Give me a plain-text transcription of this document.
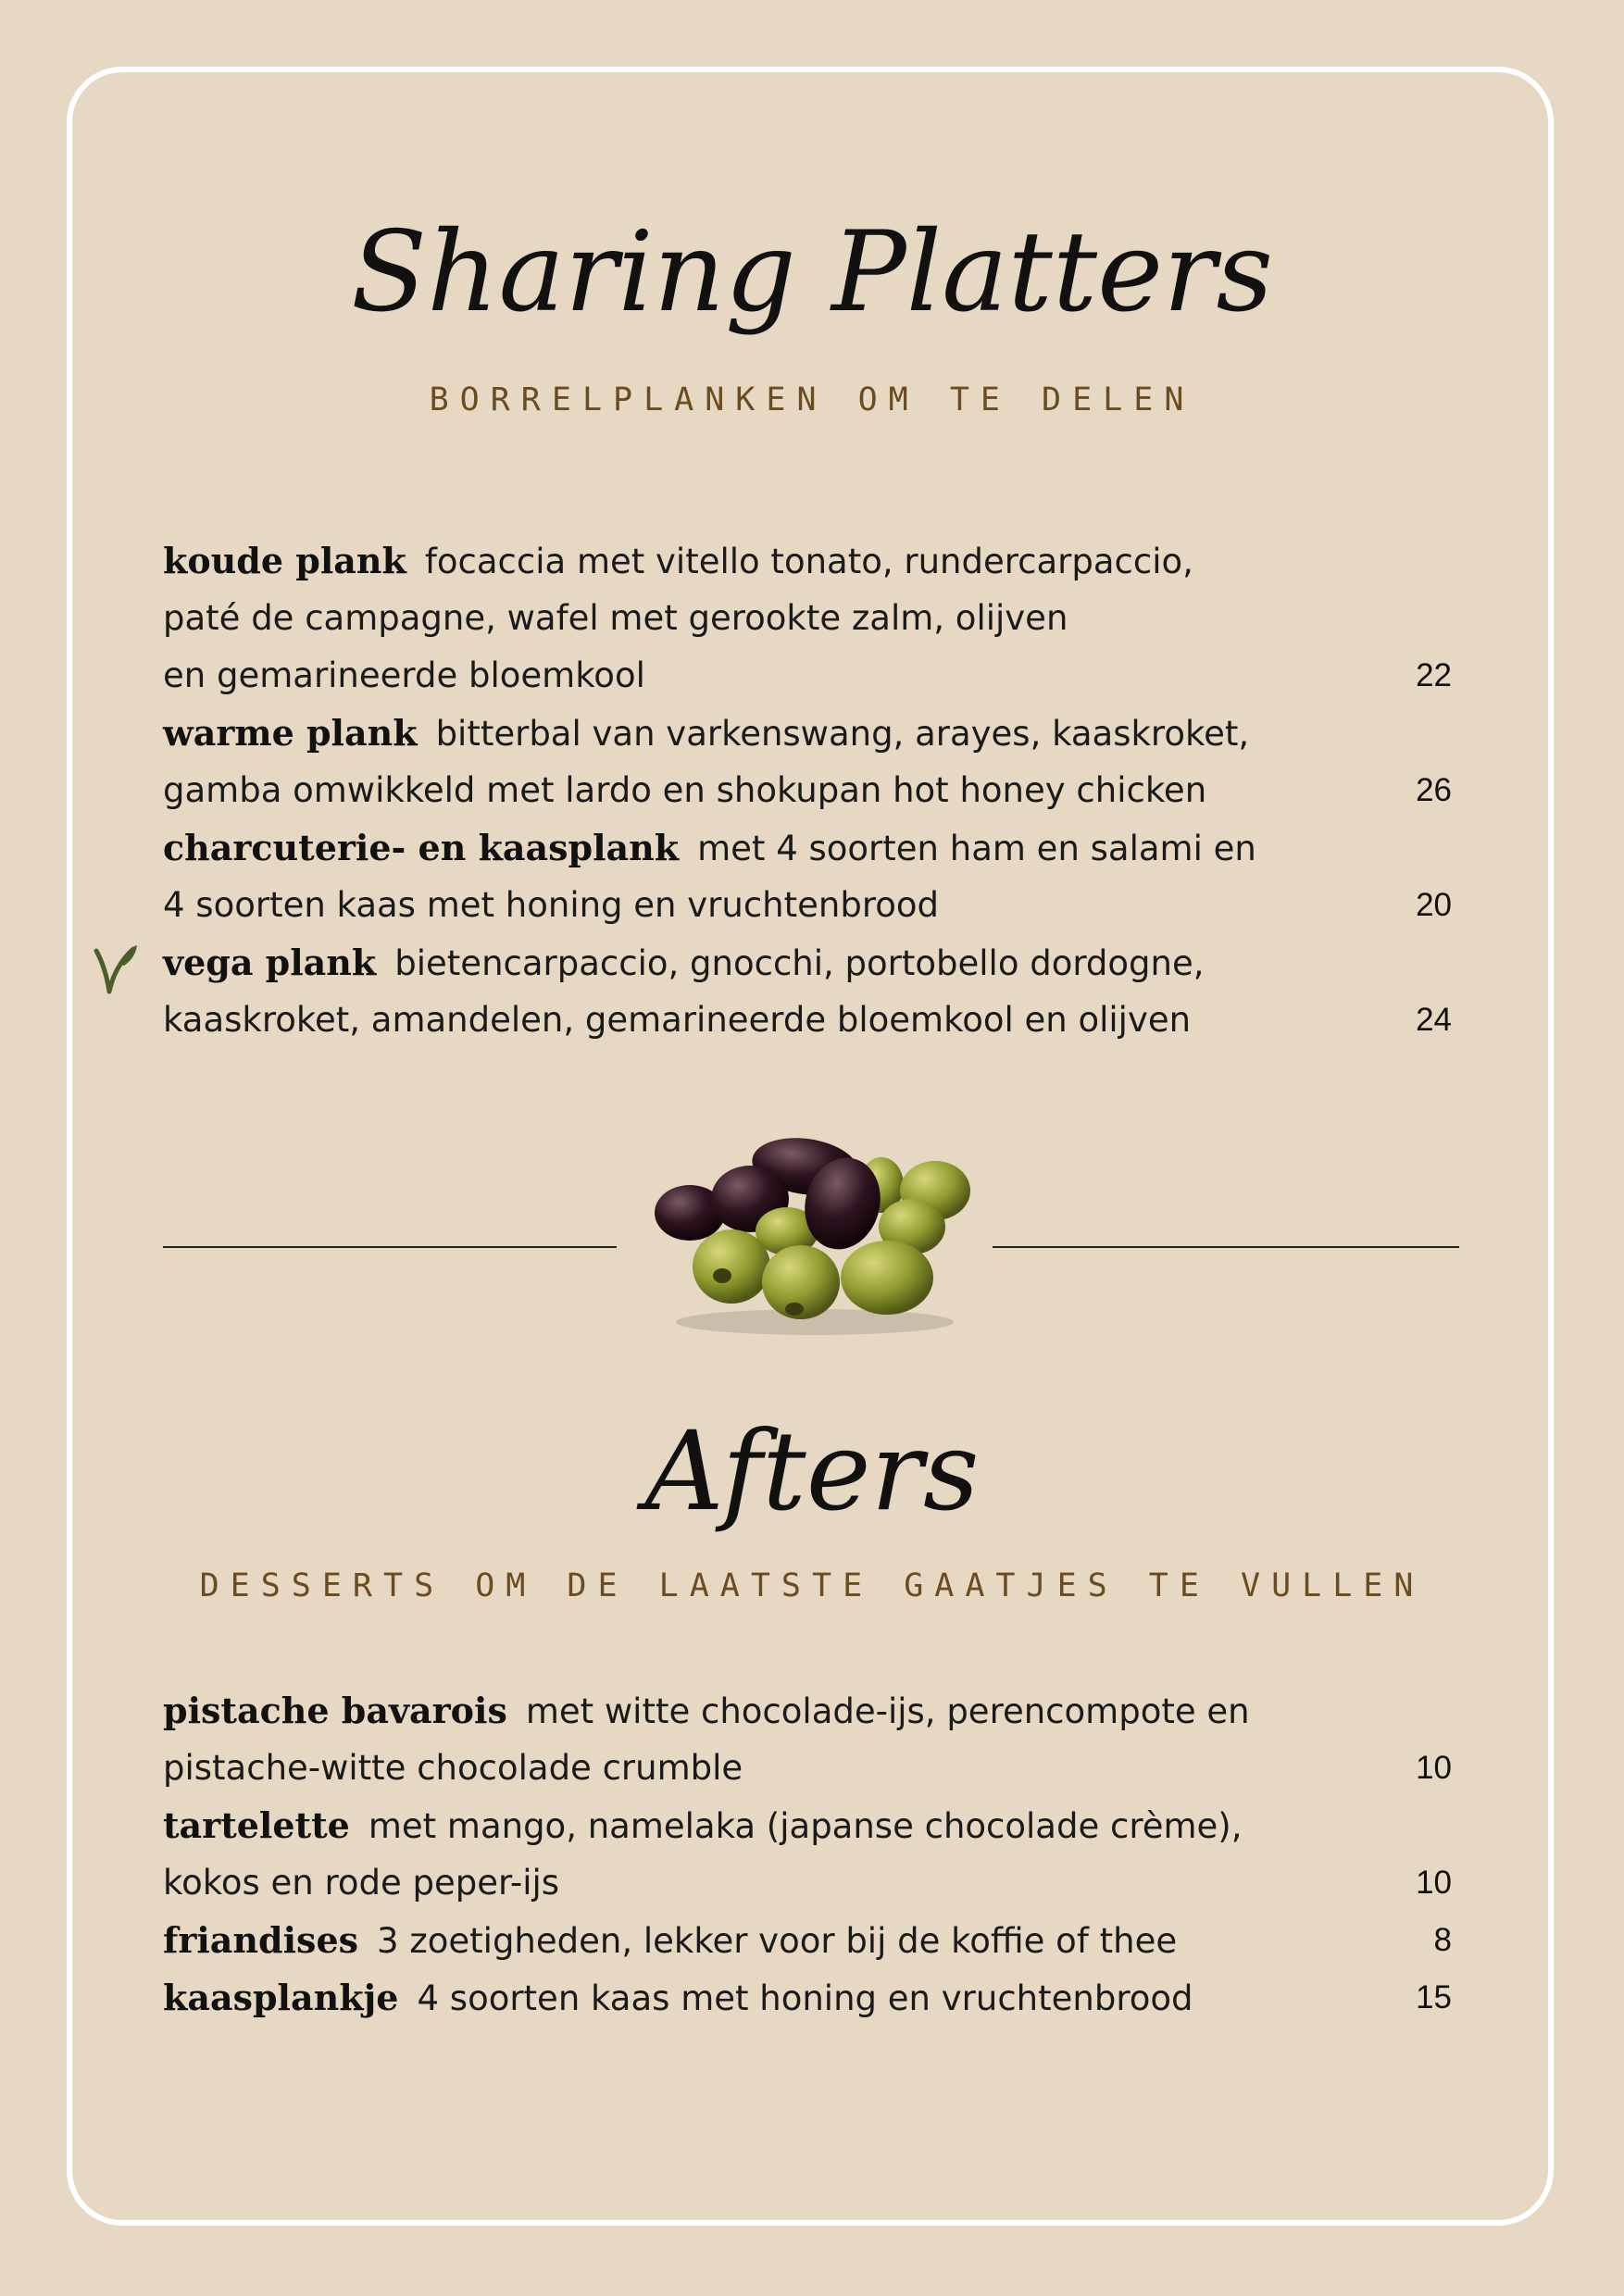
Sharing Platters
BORRELPLANKEN OM TE DELEN
koude plank focaccia met vitello tonato, rundercarpaccio,
paté de campagne, wafel met gerookte zalm, olijven
en gemarineerde bloemkool	22
warme plank bitterbal van varkenswang, arayes, kaaskroket,
gamba omwikkeld met lardo en shokupan hot honey chicken	26
charcuterie- en kaasplank met 4 soorten ham en salami en
4 soorten kaas met honing en vruchtenbrood	20
vega plank bietencarpaccio, gnocchi, portobello dordogne,
kaaskroket, amandelen, gemarineerde bloemkool en olijven	24
Afters
DESSERTS OM DE LAATSTE GAATJES TE VULLEN
pistache bavarois met witte chocolade-ijs, perencompote en
pistache-witte chocolade crumble	10
tartelette met mango, namelaka (japanse chocolade crème),
kokos en rode peper-ijs	10
friandises 3 zoetigheden, lekker voor bij de koffie of thee	8
kaasplankje 4 soorten kaas met honing en vruchtenbrood	15
